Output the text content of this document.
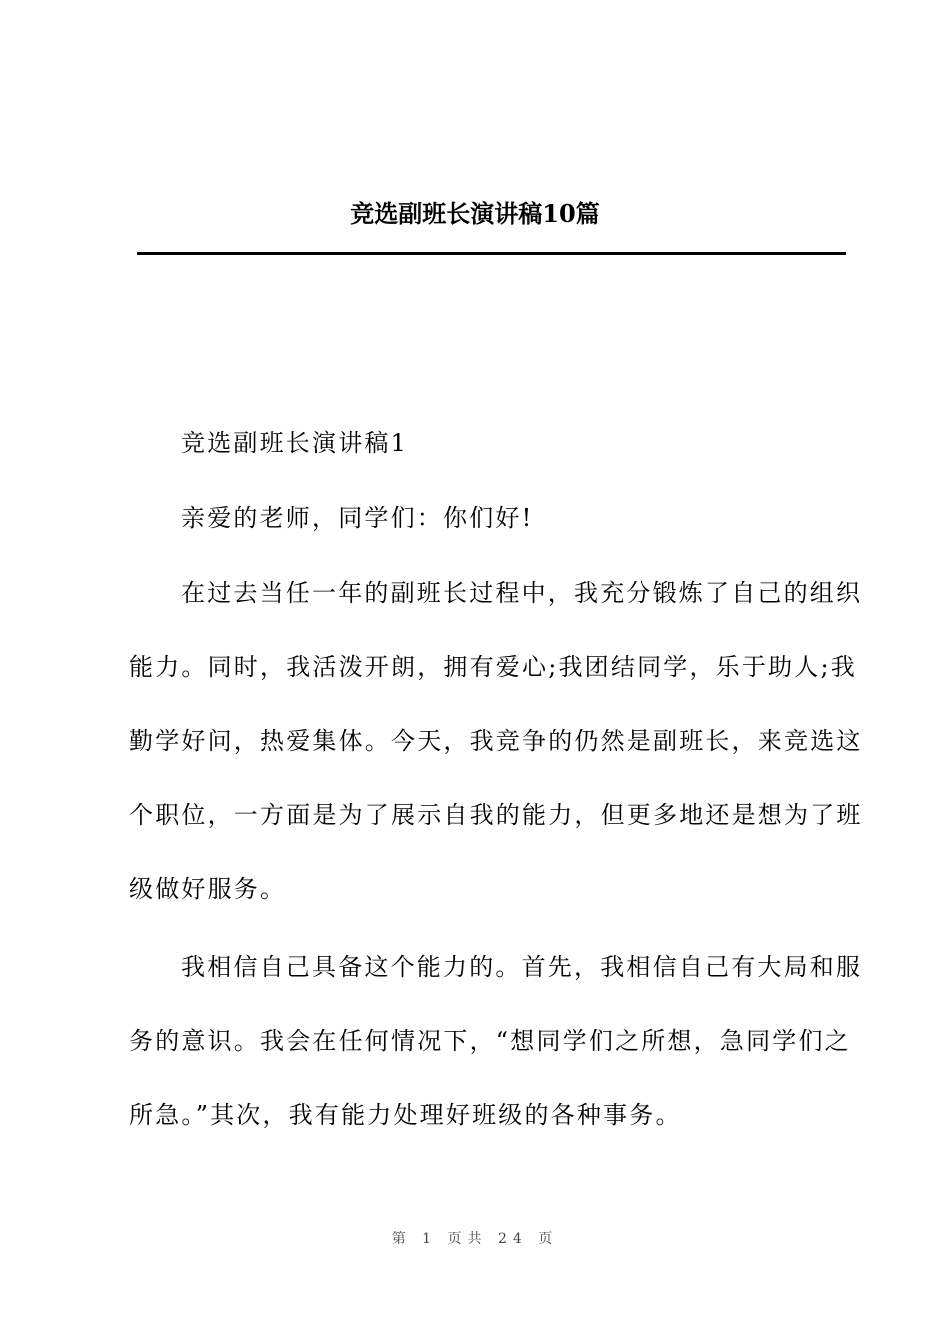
竞选副班长演讲稿10篇
竞选副班长演讲稿1
亲爱的老师，同学们：你们好!
在过去当任一年的副班长过程中，我充分锻炼了自己的组织
能力。同时，我活泼开朗，拥有爱心;我团结同学，乐于助人;我
勤学好问，热爱集体。今天，我竞争的仍然是副班长，来竞选这
个职位，一方面是为了展示自我的能力，但更多地还是想为了班
级做好服务。
我相信自己具备这个能力的。首先，我相信自己有大局和服
务的意识。我会在任何情况下，“想同学们之所想，急同学们之
所急。”其次，我有能力处理好班级的各种事务。
第 1 页共 24 页
